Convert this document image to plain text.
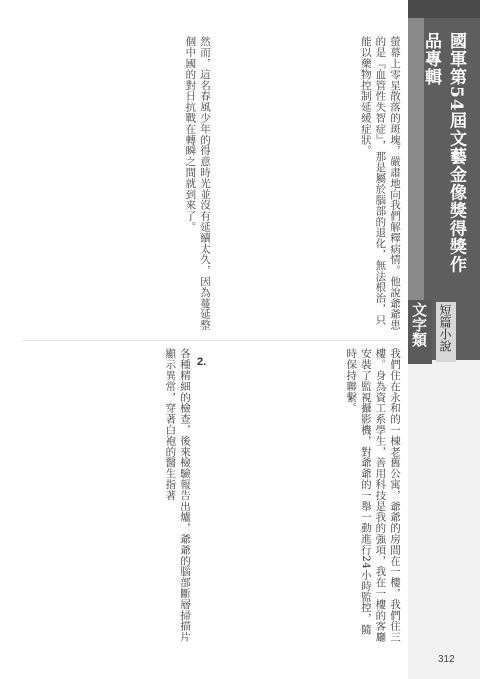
國軍第54屆文藝金像獎得獎作品專輯
文字類 短篇小說
312
螢幕上零星散落的斑塊，嚴肅地向我們解釋病情。他說爺爺患的是『血管性失智症』，那是屬於腦部的退化，無法根治，只能以藥物控制延緩症狀。
然而，這名春風少年的得意時光並沒有延續太久，因為蔓延整個中國的對日抗戰在轉瞬之間就到來了。
我們住在永和的一棟老舊公寓，爺爺的房間在一樓，我們住三樓。身為資工系學生，善用科技是我的強項，我在一樓的客廳安裝了監視攝影機，對爺爺的一舉一動進行24小時監控，隨時保持聯繫。
各種精細的檢查，後來檢驗報告出爐，爺爺的腦部斷層掃描片顯示異常，穿著白袍的醫生指著	2.
